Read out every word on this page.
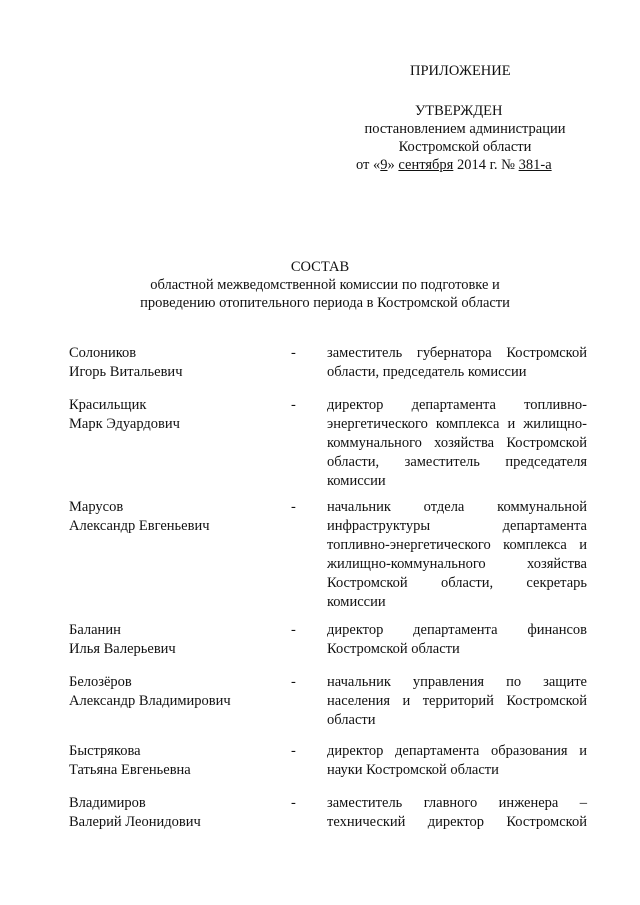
ПРИЛОЖЕНИЕ
УТВЕРЖДЕН
постановлением администрации
Костромской области
от «9» сентября 2014 г. № 381-а
СОСТАВ
областной межведомственной комиссии по подготовке и
проведению отопительного периода в Костромской области
Солоников
Игорь Витальевич
- заместитель губернатора Костромской
области, председатель комиссии
Красильщик
Марк Эдуардович
- директор департамента топливно-
энергетического комплекса и жилищно-
коммунального хозяйства Костромской
области, заместитель председателя
комиссии
Марусов
Александр Евгеньевич
- начальник отдела коммунальной
инфраструктуры департамента
топливно-энергетического комплекса и
жилищно-коммунального хозяйства
Костромской области, секретарь
комиссии
Баланин
Илья Валерьевич
- директор департамента финансов
Костромской области
Белозёров
Александр Владимирович
- начальник управления по защите
населения и территорий Костромской
области
Быстрякова
Татьяна Евгеньевна
- директор департамента образования и
науки Костромской области
Владимиров
Валерий Леонидович
- заместитель главного инженера –
технический директор Костромской
